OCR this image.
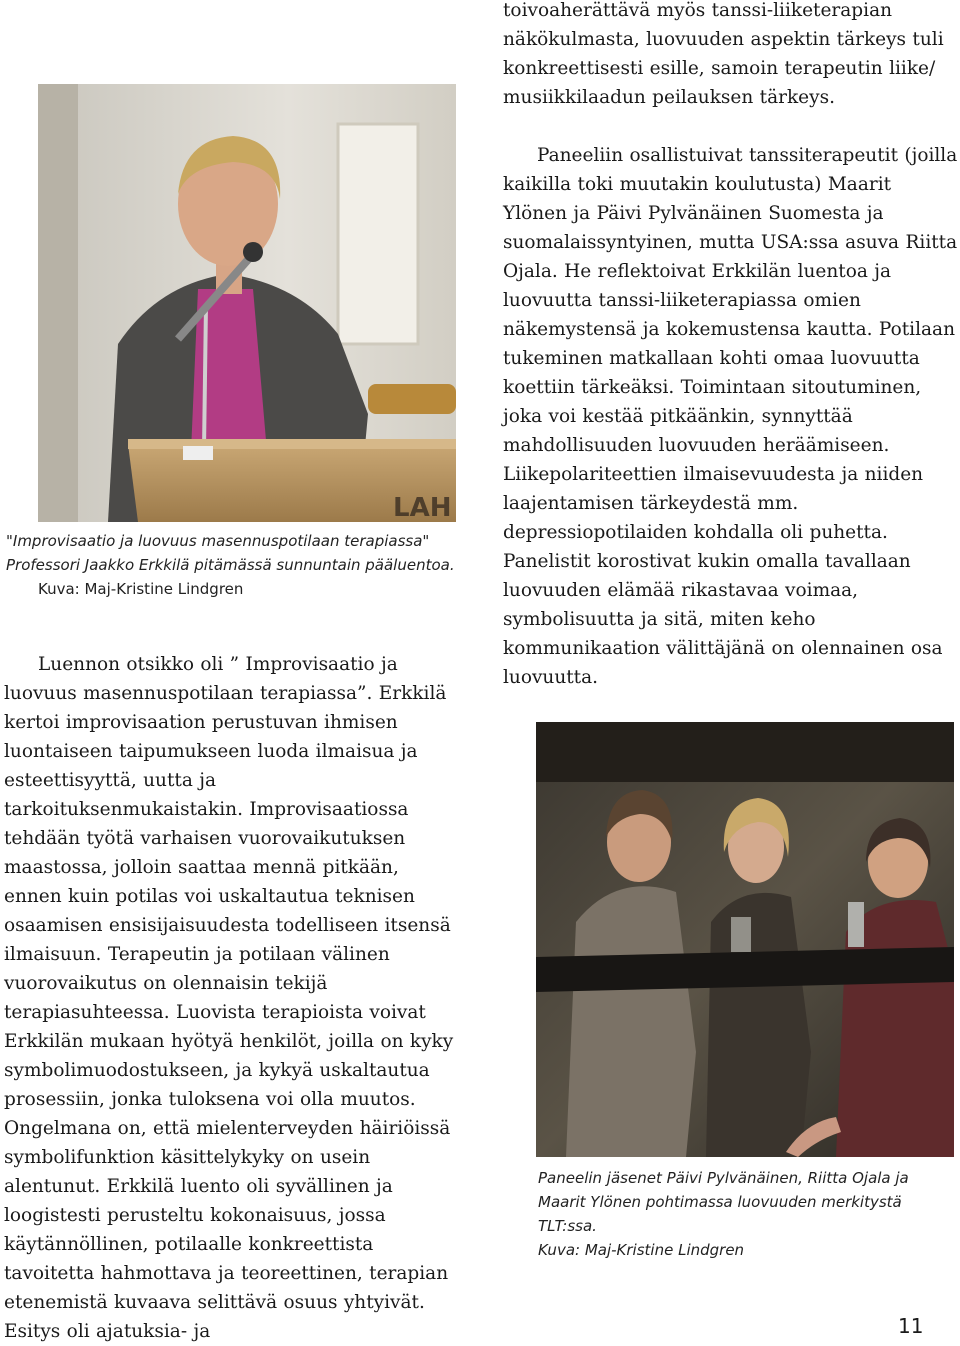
toivoaherättävä myös tanssi-liiketerapian näkökulmasta, luovuuden aspektin tärkeys tuli konkreettisesti esille, samoin terapeutin liike/ musiikkilaadun peilauksen tärkeys.

LAH
"Improvisaatio ja luovuus masennuspotilaan terapiassa" Professori Jaakko Erkkilä pitämässä sunnuntain pääluentoa.
Kuva: Maj-Kristine Lindgren

Paneeliin osallistuivat tanssiterapeutit (joilla kaikilla toki muutakin koulutusta) Maarit Ylönen ja Päivi Pylvänäinen Suomesta ja suomalaissyntyinen, mutta USA:ssa asuva Riitta Ojala. He reflektoivat Erkkilän luentoa ja luovuutta tanssi-liiketerapiassa omien näkemystensä ja kokemustensa kautta. Potilaan tukeminen matkallaan kohti omaa luovuutta koettiin tärkeäksi. Toimintaan sitoutuminen, joka voi kestää pitkäänkin, synnyttää mahdollisuuden luovuuden heräämiseen. Liikepolariteettien ilmaisevuudesta ja niiden laajentamisen tärkeydestä mm. depressiopotilaiden kohdalla oli puhetta. Panelistit korostivat kukin omalla tavallaan luovuuden elämää rikastavaa voimaa, symbolisuutta ja sitä, miten keho kommunikaation välittäjänä on olennainen osa luovuutta.

Luennon otsikko oli ” Improvisaatio ja luovuus masennuspotilaan terapiassa”. Erkkilä kertoi improvisaation perustuvan ihmisen luontaiseen taipumukseen luoda ilmaisua ja esteettisyyttä, uutta ja tarkoituksenmukaistakin. Improvisaatiossa tehdään työtä varhaisen vuorovaikutuksen maastossa, jolloin saattaa mennä pitkään, ennen kuin potilas voi uskaltautua teknisen osaamisen ensisijaisuudesta todelliseen itsensä ilmaisuun. Terapeutin ja potilaan välinen vuorovaikutus on olennaisin tekijä terapiasuhteessa. Luovista terapioista voivat Erkkilän mukaan hyötyä henkilöt, joilla on kyky symbolimuodostukseen, ja kykyä uskaltautua prosessiin, jonka tuloksena voi olla muutos. Ongelmana on, että mielenterveyden häiriöissä symbolifunktion käsittelykyky on usein alentunut. Erkkilä luento oli syvällinen ja loogistesti perusteltu kokonaisuus, jossa käytännöllinen, potilaalle konkreettista tavoitetta hahmottava ja teoreettinen, terapian etenemistä kuvaava selittävä osuus yhtyivät. Esitys oli ajatuksia- ja

Paneelin jäsenet Päivi Pylvänäinen, Riitta Ojala ja Maarit Ylönen pohtimassa luovuuden merkitystä TLT:ssa.
Kuva: Maj-Kristine Lindgren
11
